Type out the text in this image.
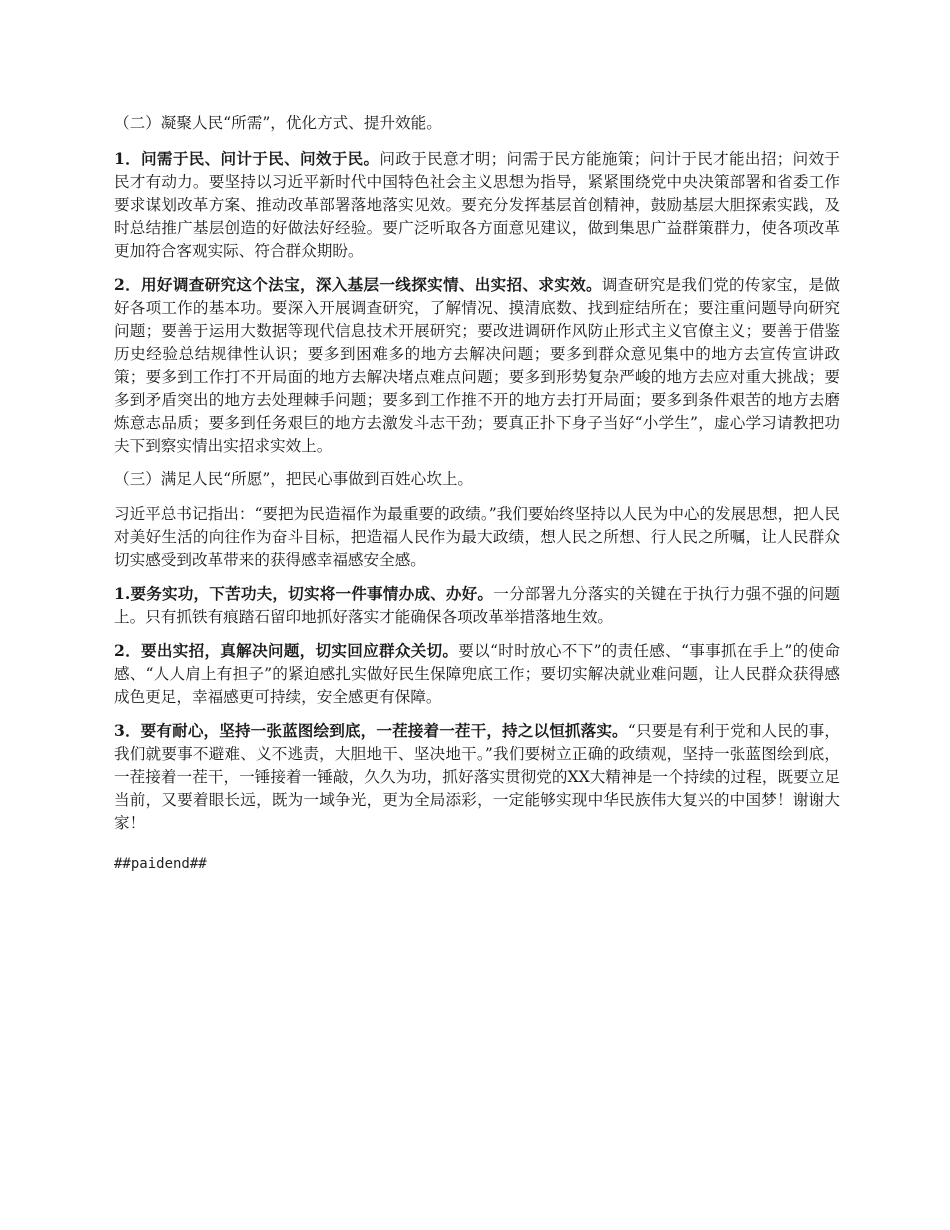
（二）凝聚人民“所需”，优化方式、提升效能。

1．问需于民、问计于民、问效于民。问政于民意才明；问需于民方能施策；问计于民才能出招；问效于民才有动力。要坚持以习近平新时代中国特色社会主义思想为指导，紧紧围绕党中央决策部署和省委工作要求谋划改革方案、推动改革部署落地落实见效。要充分发挥基层首创精神，鼓励基层大胆探索实践，及时总结推广基层创造的好做法好经验。要广泛听取各方面意见建议，做到集思广益群策群力，使各项改革更加符合客观实际、符合群众期盼。

2．用好调查研究这个法宝，深入基层一线探实情、出实招、求实效。调查研究是我们党的传家宝，是做好各项工作的基本功。要深入开展调查研究，了解情况、摸清底数、找到症结所在；要注重问题导向研究问题；要善于运用大数据等现代信息技术开展研究；要改进调研作风防止形式主义官僚主义；要善于借鉴历史经验总结规律性认识；要多到困难多的地方去解决问题；要多到群众意见集中的地方去宣传宣讲政策；要多到工作打不开局面的地方去解决堵点难点问题；要多到形势复杂严峻的地方去应对重大挑战；要多到矛盾突出的地方去处理棘手问题；要多到工作推不开的地方去打开局面；要多到条件艰苦的地方去磨炼意志品质；要多到任务艰巨的地方去激发斗志干劲；要真正扑下身子当好“小学生”，虚心学习请教把功夫下到察实情出实招求实效上。

（三）满足人民“所愿”，把民心事做到百姓心坎上。

习近平总书记指出：“要把为民造福作为最重要的政绩。”我们要始终坚持以人民为中心的发展思想，把人民对美好生活的向往作为奋斗目标，把造福人民作为最大政绩，想人民之所想、行人民之所嘱，让人民群众切实感受到改革带来的获得感幸福感安全感。

1.要务实功，下苦功夫，切实将一件事情办成、办好。一分部署九分落实的关键在于执行力强不强的问题上。只有抓铁有痕踏石留印地抓好落实才能确保各项改革举措落地生效。

2．要出实招，真解决问题，切实回应群众关切。要以“时时放心不下”的责任感、“事事抓在手上”的使命感、“人人肩上有担子”的紧迫感扎实做好民生保障兜底工作；要切实解决就业难问题，让人民群众获得感成色更足，幸福感更可持续，安全感更有保障。

3．要有耐心，坚持一张蓝图绘到底，一茬接着一茬干，持之以恒抓落实。“只要是有利于党和人民的事，我们就要事不避难、义不逃责，大胆地干、坚决地干。”我们要树立正确的政绩观，坚持一张蓝图绘到底，一茬接着一茬干，一锤接着一锤敲，久久为功，抓好落实贯彻党的XX大精神是一个持续的过程，既要立足当前，又要着眼长远，既为一域争光，更为全局添彩，一定能够实现中华民族伟大复兴的中国梦！谢谢大家！

##paidend##
